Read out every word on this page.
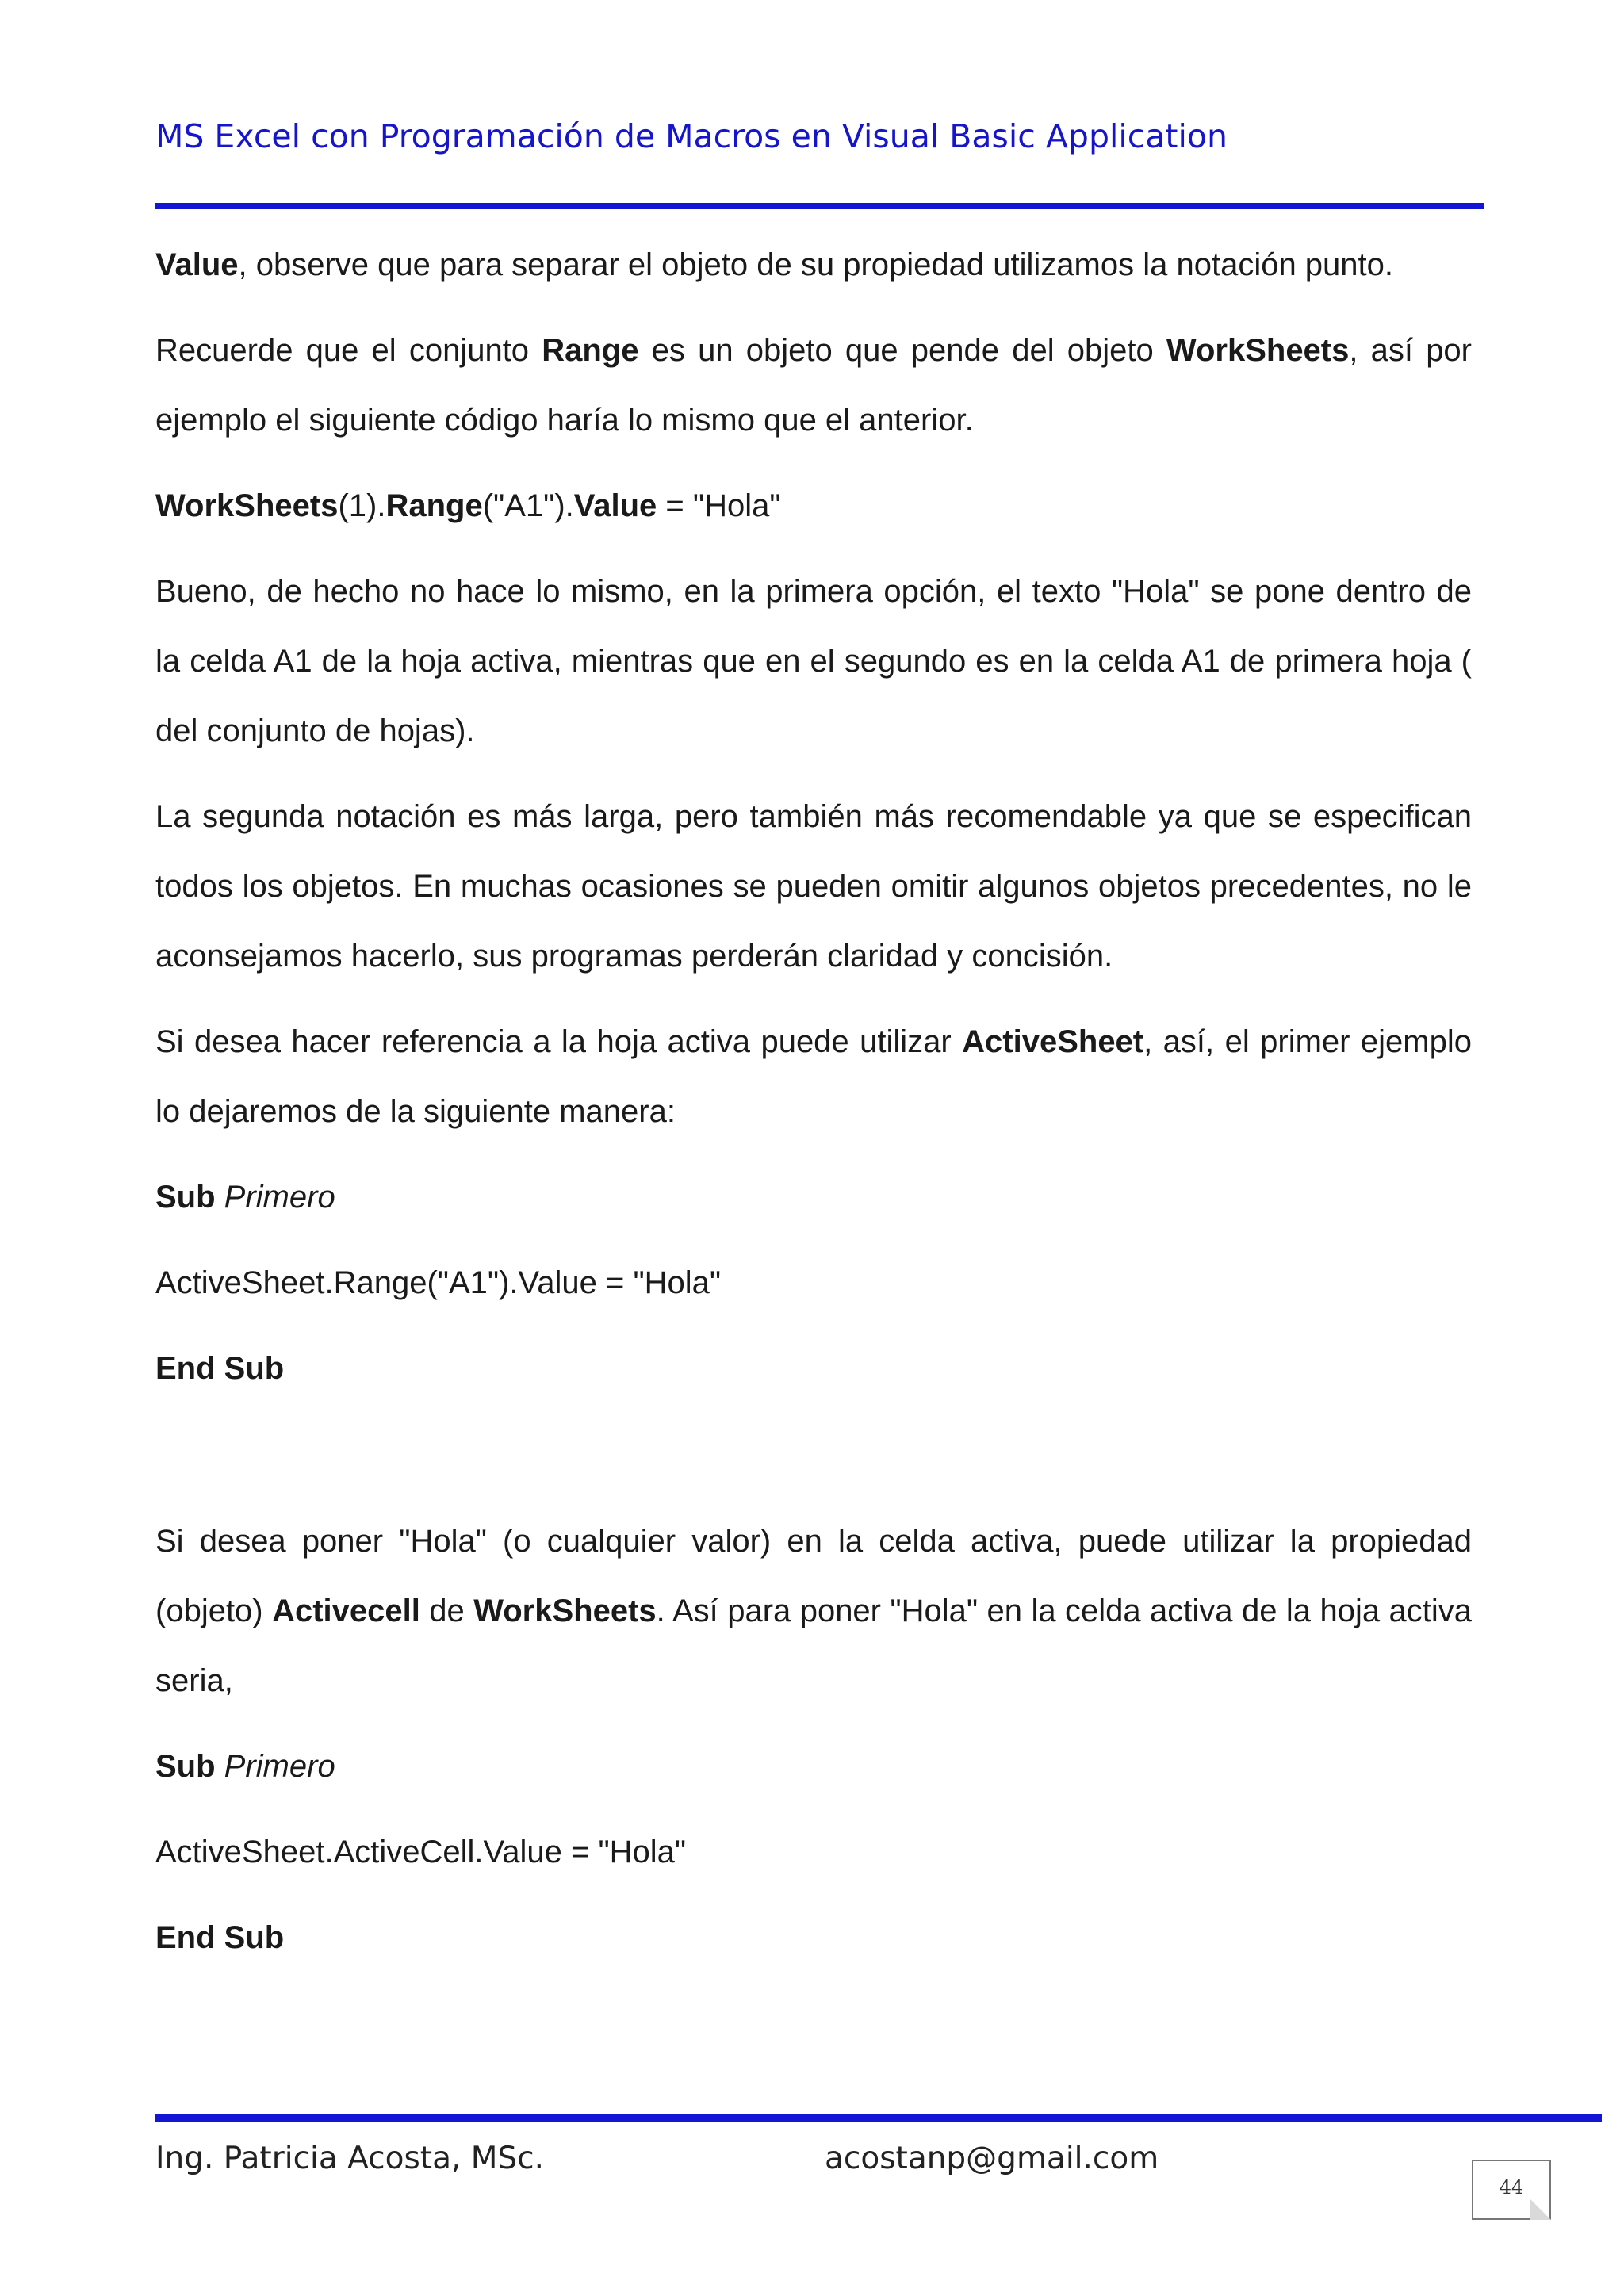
MS Excel con Programación de Macros en Visual Basic Application

Value, observe que para separar el objeto de su propiedad utilizamos la notación punto.

Recuerde que el conjunto Range es un objeto que pende del objeto WorkSheets, así por ejemplo el siguiente código haría lo mismo que el anterior.

WorkSheets(1).Range("A1").Value = "Hola"

Bueno, de hecho no hace lo mismo, en la primera opción, el texto "Hola" se pone dentro de la celda A1 de la hoja activa, mientras que en el segundo es en la celda A1 de primera hoja ( del conjunto de hojas).

La segunda notación es más larga, pero también más recomendable ya que se especifican todos los objetos. En muchas ocasiones se pueden omitir algunos objetos precedentes, no le aconsejamos hacerlo, sus programas perderán claridad y concisión.

Si desea hacer referencia a la hoja activa puede utilizar ActiveSheet, así, el primer ejemplo lo dejaremos de la siguiente manera:

Sub Primero

ActiveSheet.Range("A1").Value = "Hola"

End Sub

Si desea poner "Hola" (o cualquier valor) en la celda activa, puede utilizar la propiedad (objeto) Activecell de WorkSheets. Así para poner "Hola" en la celda activa de la hoja activa seria,

Sub Primero

ActiveSheet.ActiveCell.Value = "Hola"

End Sub

Ing. Patricia Acosta, MSc.	acostanp@gmail.com
44
